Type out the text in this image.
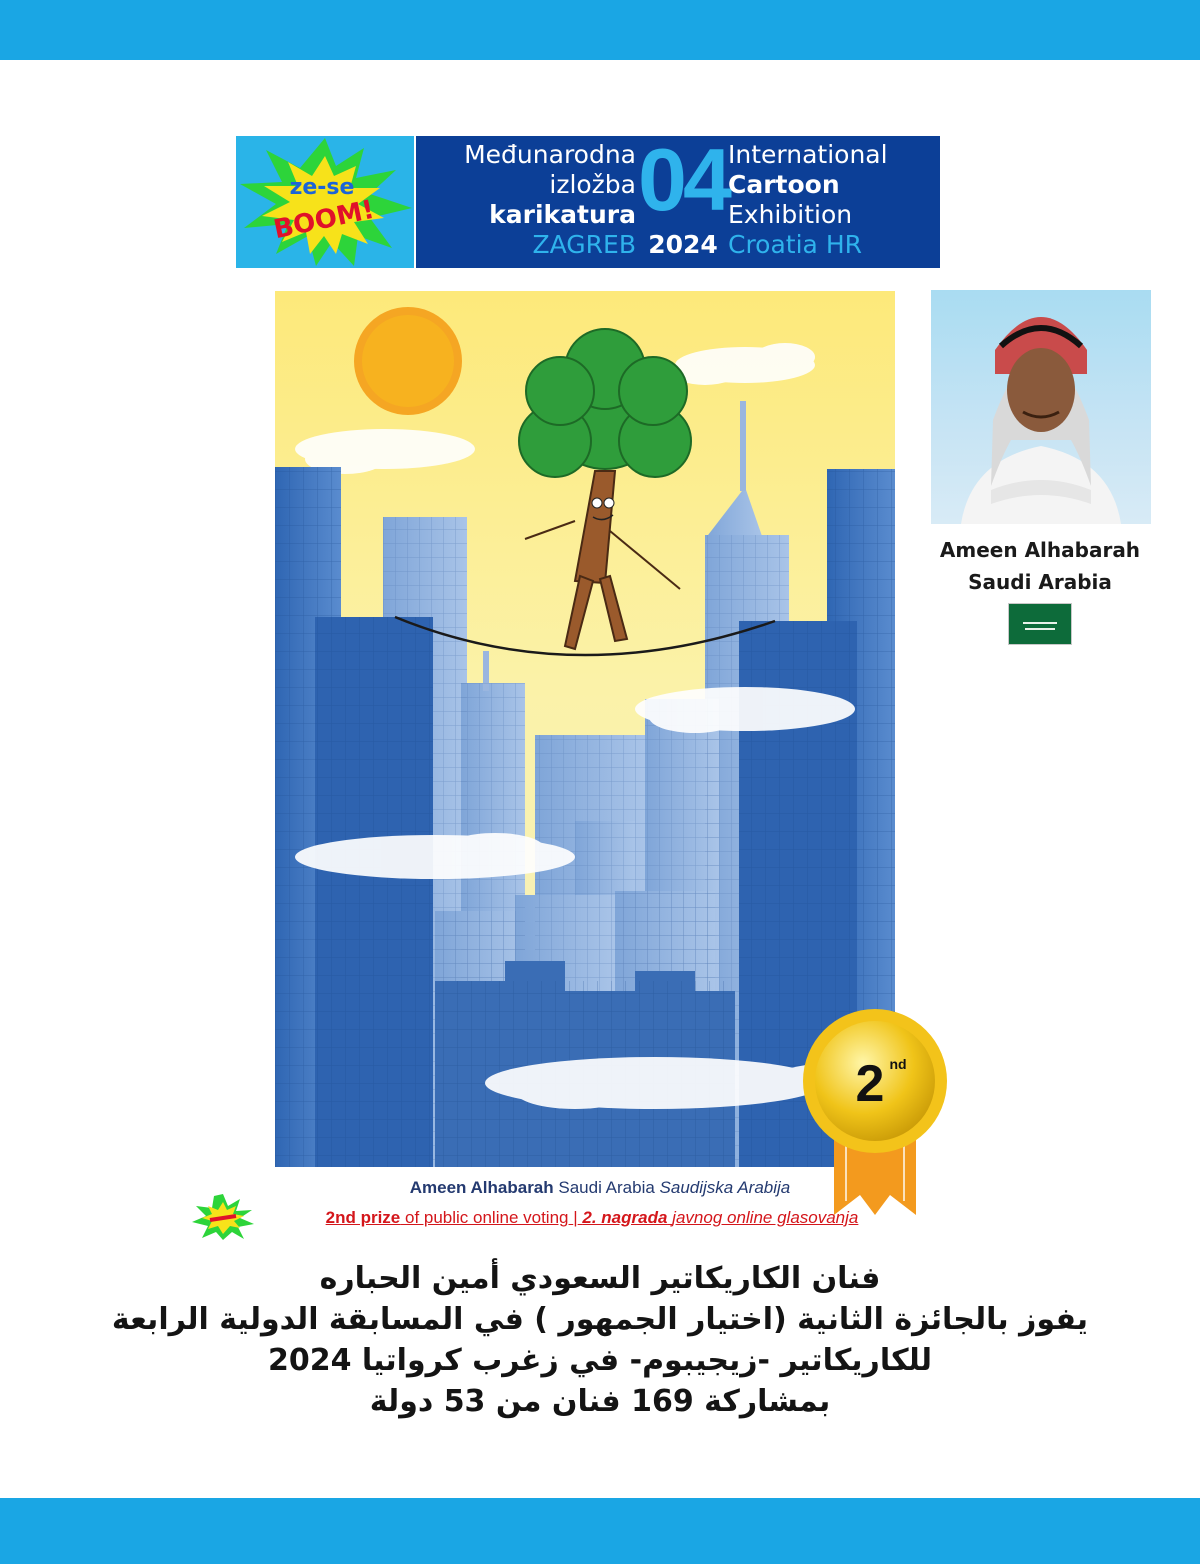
ze-se
BOOM!
Međunarodna
izložba
karikatura
ZAGREB
04
2024
International
Cartoon
Exhibition
Croatia HR
Ameen Alhabarah
Saudi Arabia
2 nd
Ameen Alhabarah Saudi Arabia Saudijska Arabija
2nd prize of public online voting | 2. nagrada javnog online glasovanja
فنان الكاريكاتير السعودي أمين الحباره
يفوز بالجائزة الثانية (اختيار الجمهور ) في المسابقة الدولية الرابعة
للكاريكاتير -زيجيبوم- في زغرب كرواتيا 2024
بمشاركة 169 فنان من 53 دولة
